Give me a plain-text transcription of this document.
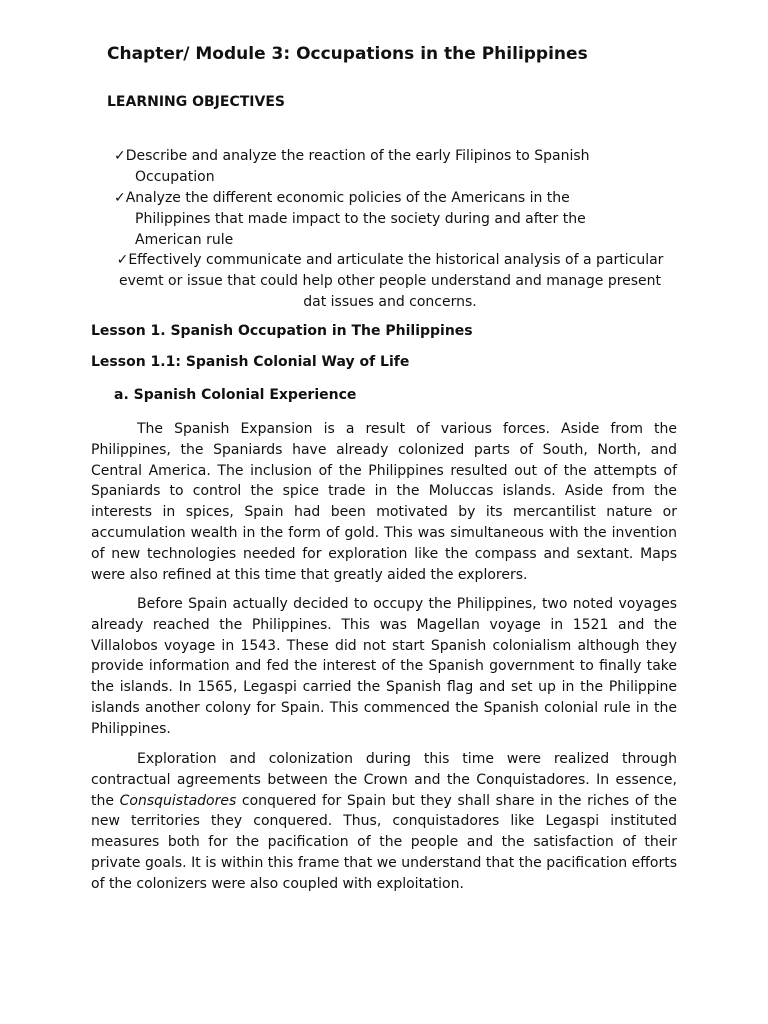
Chapter/ Module 3: Occupations in the Philippines
LEARNING OBJECTIVES

✓Describe and analyze the reaction of the early Filipinos to Spanish
Occupation

✓Analyze the different economic policies of the Americans in the
Philippines that made impact to the society during and after the American rule

✓Effectively communicate and articulate the historical analysis of a particular evemt or issue that could help other people understand and manage present dat issues and concerns.

Lesson 1. Spanish Occupation in The Philippines
Lesson 1.1: Spanish Colonial Way of Life
a. Spanish Colonial Experience

The Spanish Expansion is a result of various forces. Aside from the Philippines, the Spaniards have already colonized parts of South, North, and Central America. The inclusion of the Philippines resulted out of the attempts of Spaniards to control the spice trade in the Moluccas islands. Aside from the interests in spices, Spain had been motivated by its mercantilist nature or accumulation wealth in the form of gold. This was simultaneous with the invention of new technologies needed for exploration like the compass and sextant. Maps were also refined at this time that greatly aided the explorers.

Before Spain actually decided to occupy the Philippines, two noted voyages already reached the Philippines. This was Magellan voyage in 1521 and the Villalobos voyage in 1543. These did not start Spanish colonialism although they provide information and fed the interest of the Spanish government to finally take the islands. In 1565, Legaspi carried the Spanish flag and set up in the Philippine islands another colony for Spain. This commenced the Spanish colonial rule in the Philippines.

Exploration and colonization during this time were realized through contractual agreements between the Crown and the Conquistadores. In essence, the Consquistadores conquered for Spain but they shall share in the riches of the new territories they conquered. Thus, conquistadores like Legaspi instituted measures both for the pacification of the people and the satisfaction of their private goals. It is within this frame that we understand that the pacification efforts of the colonizers were also coupled with exploitation.
